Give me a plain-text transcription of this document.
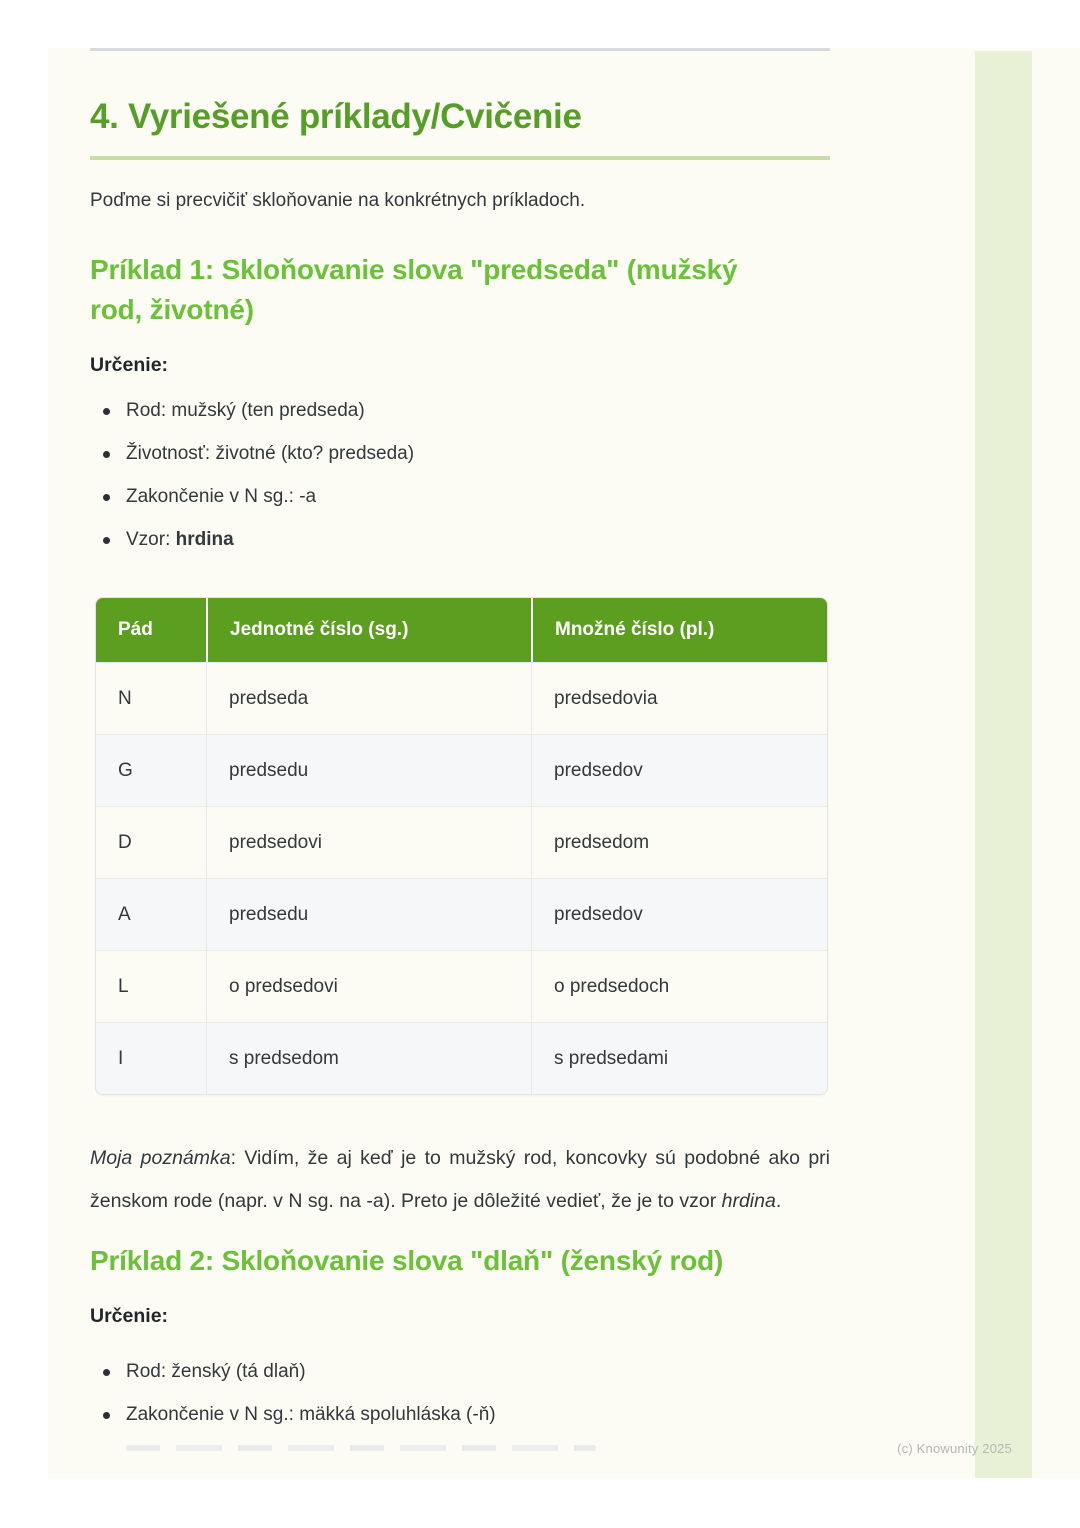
4. Vyriešené príklady/Cvičenie

Poďme si precvičiť skloňovanie na konkrétnych príkladoch.

Príklad 1: Skloňovanie slova "predseda" (mužský rod, životné)

Určenie:

Rod: mužský (ten predseda)
Životnosť: životné (kto? predseda)
Zakončenie v N sg.: -a
Vzor: hrdina
Pád	Jednotné číslo (sg.)	Množné číslo (pl.)
N	predseda	predsedovia
G	predsedu	predsedov
D	predsedovi	predsedom
A	predsedu	predsedov
L	o predsedovi	o predsedoch
I	s predsedom	s predsedami

Moja poznámka: Vidím, že aj keď je to mužský rod, koncovky sú podobné ako pri ženskom rode (napr. v N sg. na -a). Preto je dôležité vedieť, že je to vzor hrdina.

Príklad 2: Skloňovanie slova "dlaň" (ženský rod)

Určenie:

Rod: ženský (tá dlaň)
Zakončenie v N sg.: mäkká spoluhláska (-ň)
(c) Knowunity 2025
